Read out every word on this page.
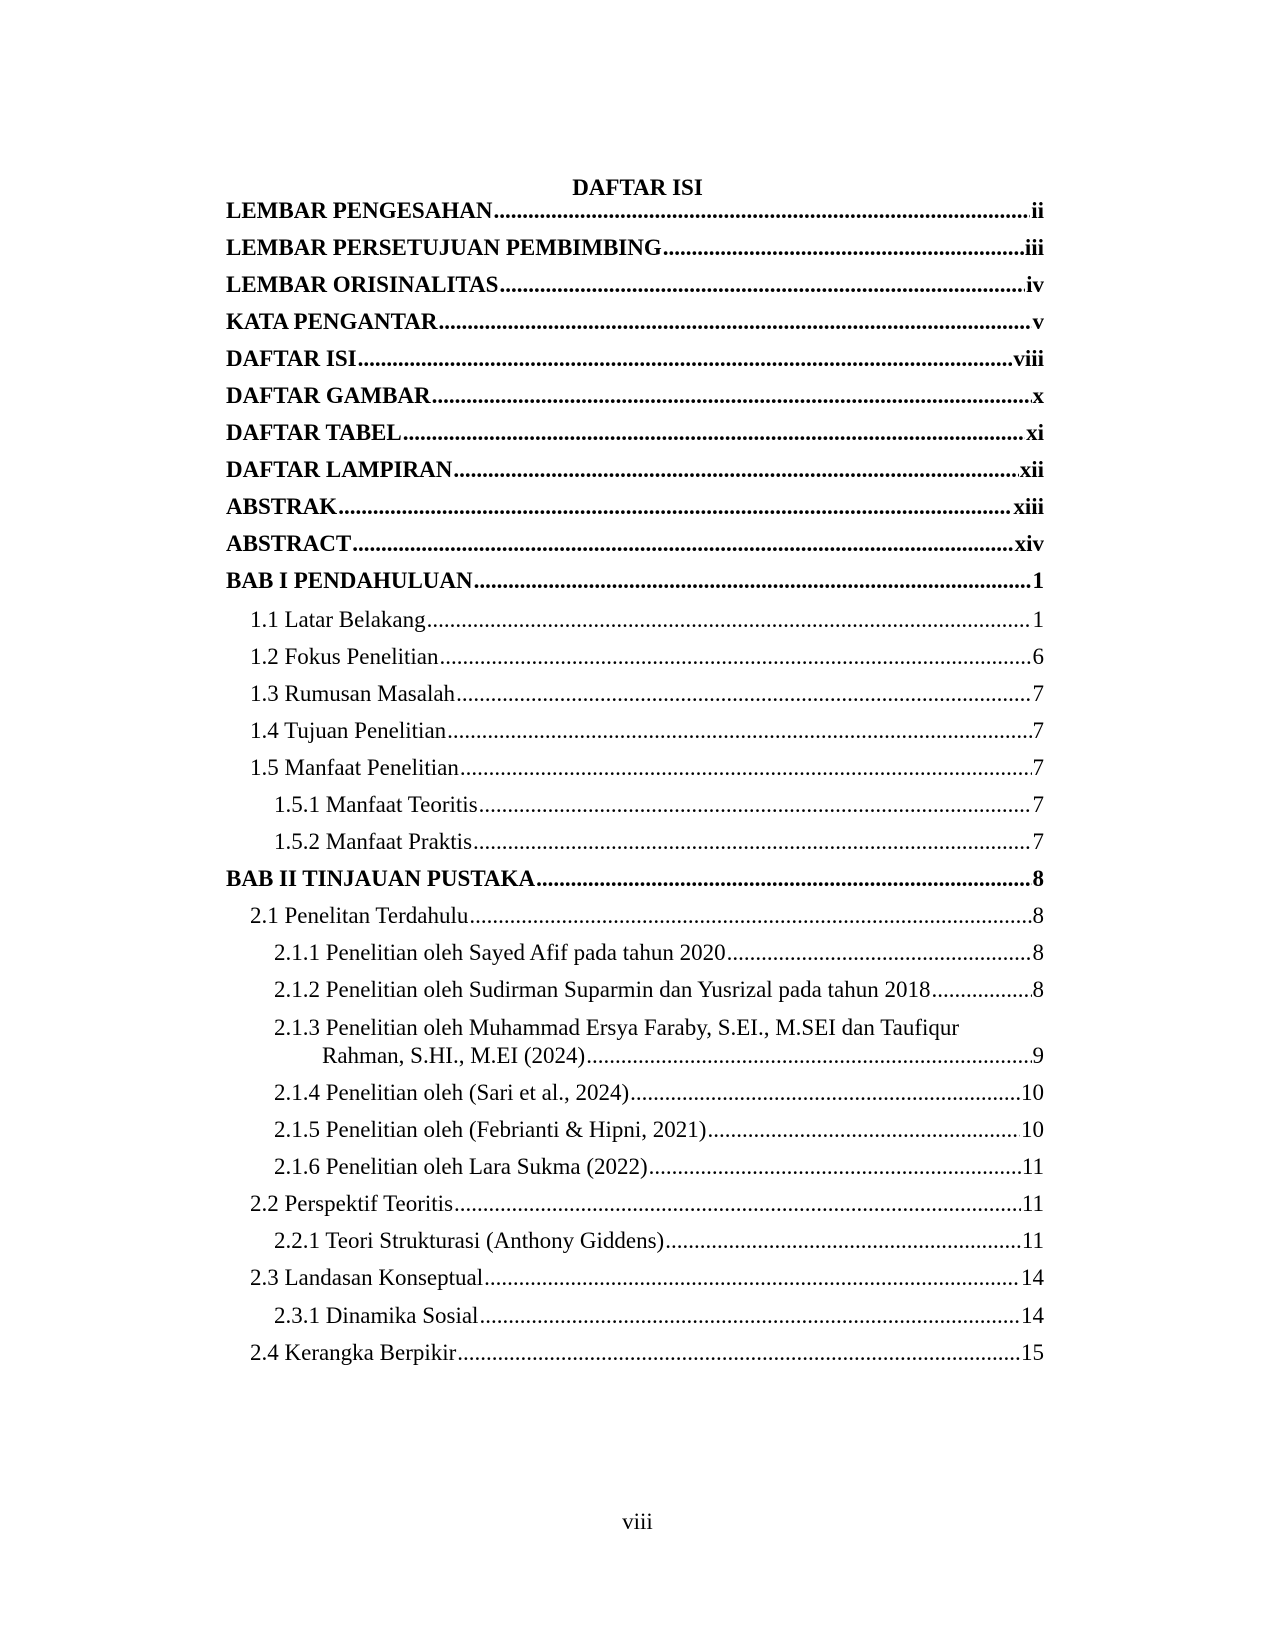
DAFTAR ISI
LEMBAR PENGESAHAN .....	ii
LEMBAR PERSETUJUAN PEMBIMBING .....	iii
LEMBAR ORISINALITAS .....	iv
KATA PENGANTAR .....	v
DAFTAR ISI .....	viii
DAFTAR GAMBAR .....	x
DAFTAR TABEL .....	xi
DAFTAR LAMPIRAN .....	xii
ABSTRAK .....	xiii
ABSTRACT .....	xiv
BAB I PENDAHULUAN .....	1
1.1 Latar Belakang .....	1
1.2 Fokus Penelitian .....	6
1.3 Rumusan Masalah .....	7
1.4 Tujuan Penelitian .....	7
1.5 Manfaat Penelitian .....	7
1.5.1 Manfaat Teoritis .....	7
1.5.2 Manfaat Praktis .....	7
BAB II TINJAUAN PUSTAKA .....	8
2.1 Penelitan Terdahulu .....	8
2.1.1 Penelitian oleh Sayed Afif pada tahun 2020 .....	8
2.1.2 Penelitian oleh Sudirman Suparmin dan Yusrizal pada tahun 2018 .....	8
2.1.3 Penelitian oleh Muhammad Ersya Faraby, S.EI., M.SEI dan Taufiqur
Rahman, S.HI., M.EI (2024) .....	9
2.1.4 Penelitian oleh (Sari et al., 2024) .....	10
2.1.5 Penelitian oleh (Febrianti & Hipni, 2021) .....	10
2.1.6 Penelitian oleh Lara Sukma (2022) .....	11
2.2 Perspektif Teoritis .....	11
2.2.1 Teori Strukturasi (Anthony Giddens) .....	11
2.3 Landasan Konseptual .....	14
2.3.1 Dinamika Sosial .....	14
2.4 Kerangka Berpikir .....	15
viii
